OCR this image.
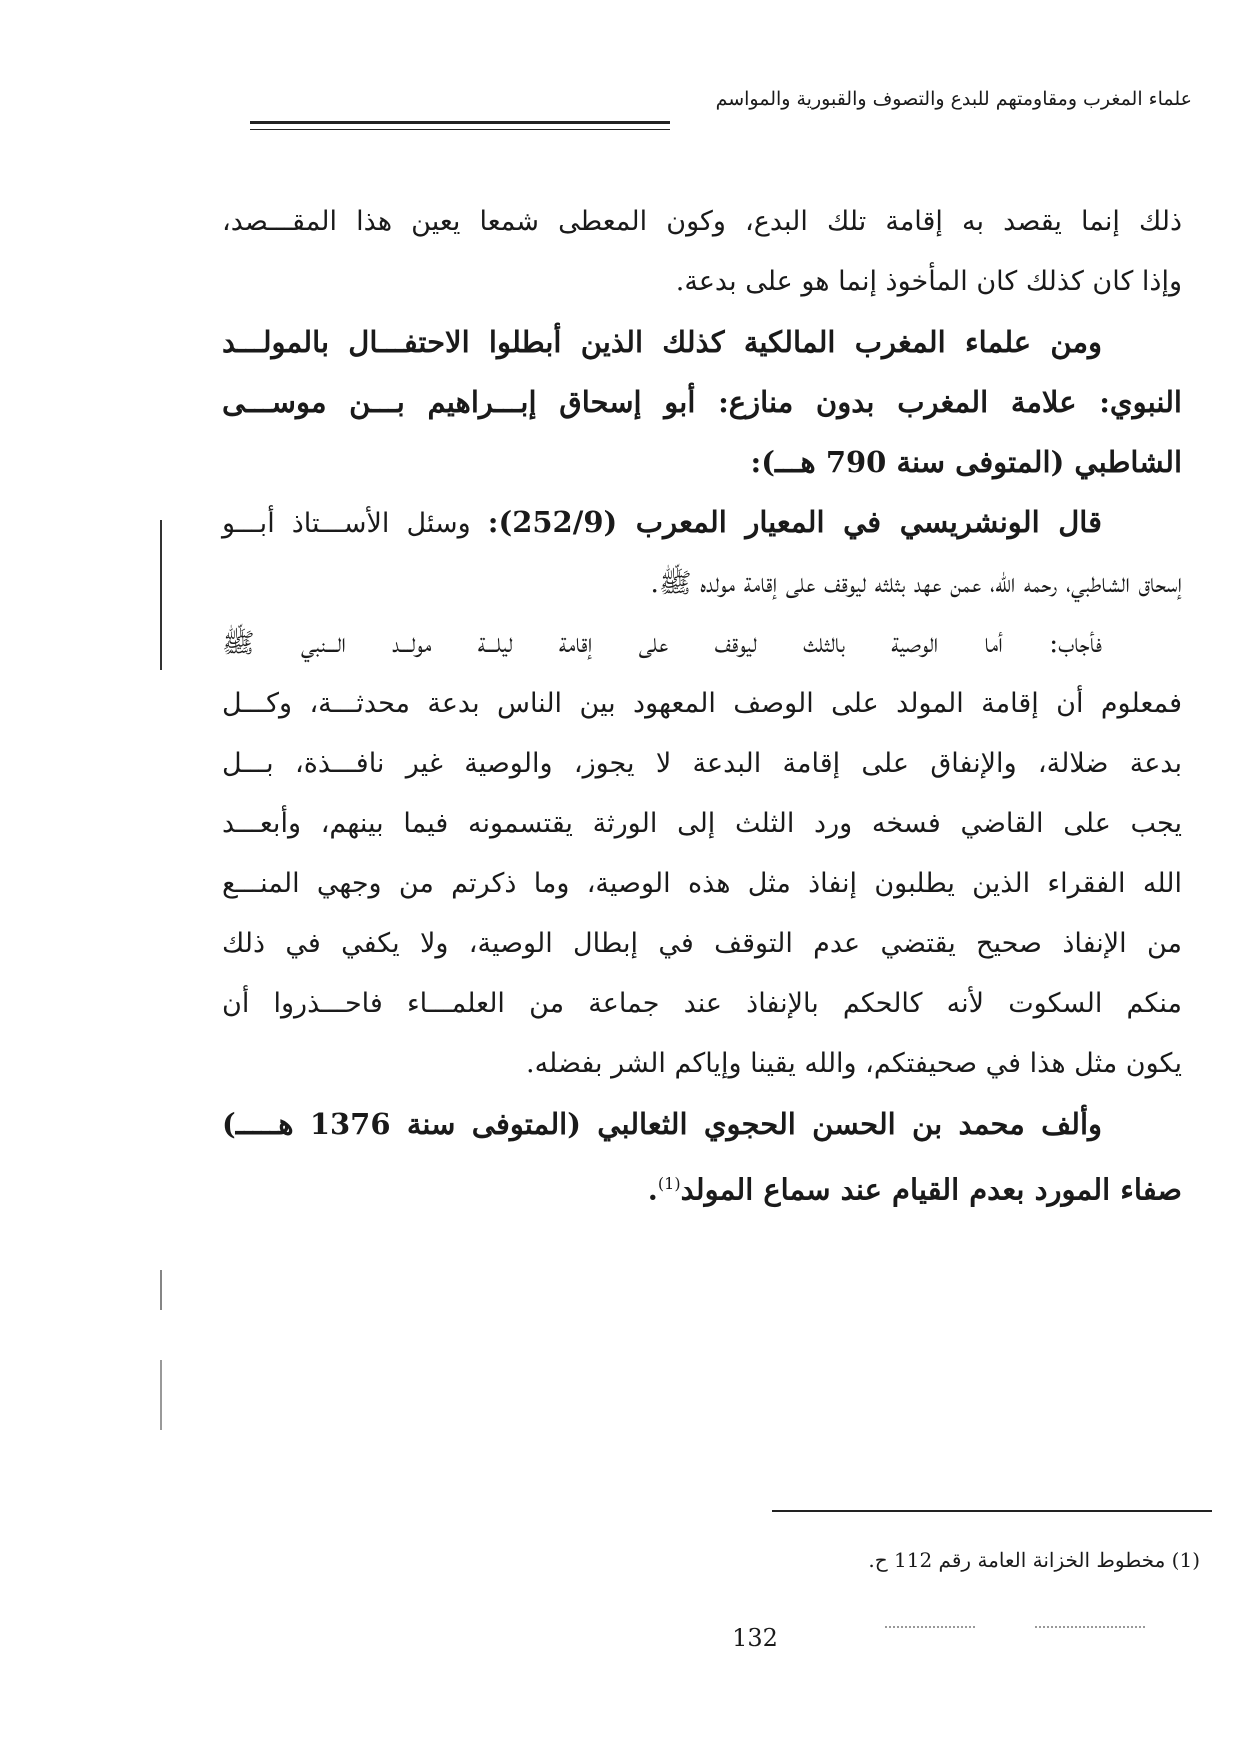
علماء المغرب ومقاومتهم للبدع والتصوف والقبورية والمواسم

ذلك إنما يقصد به إقامة تلك البدع، وكون المعطى شمعا يعين هذا المقـــصد،
وإذا كان كذلك كان المأخوذ إنما هو على بدعة.

ومن علماء المغرب المالكية كذلك الذين أبطلوا الاحتفـــال بالمولـــد
النبوي: علامة المغرب بدون منازع: أبو إسحاق إبـــراهيم بـــن موســـى
الشاطبي (المتوفى سنة 790 هـــ):

قال الونشريسي في المعيار المعرب (252/9): وسئل الأســـتاذ أبـــو
إسحاق الشاطبي، رحمه الله، عمن عهد بثلثه ليوقف على إقامة مولده ﷺ.

فأجاب: أما الوصية بالثلث ليوقف على إقامة ليلـــة مولـــد الـــنبي ﷺ
فمعلوم أن إقامة المولد على الوصف المعهود بين الناس بدعة محدثـــة، وكـــل
بدعة ضلالة، والإنفاق على إقامة البدعة لا يجوز، والوصية غير نافـــذة، بـــل
يجب على القاضي فسخه ورد الثلث إلى الورثة يقتسمونه فيما بينهم، وأبعـــد
الله الفقراء الذين يطلبون إنفاذ مثل هذه الوصية، وما ذكرتم من وجهي المنـــع
من الإنفاذ صحيح يقتضي عدم التوقف في إبطال الوصية، ولا يكفي في ذلك
منكم السكوت لأنه كالحكم بالإنفاذ عند جماعة من العلمـــاء فاحـــذروا أن
يكون مثل هذا في صحيفتكم، والله يقينا وإياكم الشر بفضله.

وألف محمد بن الحسن الحجوي الثعالبي (المتوفى سنة 1376 هـــــ)
صفاء المورد بعدم القيام عند سماع المولد$^{(1)}$.

(1) مخطوط الخزانة العامة رقم 112 ح.
132
